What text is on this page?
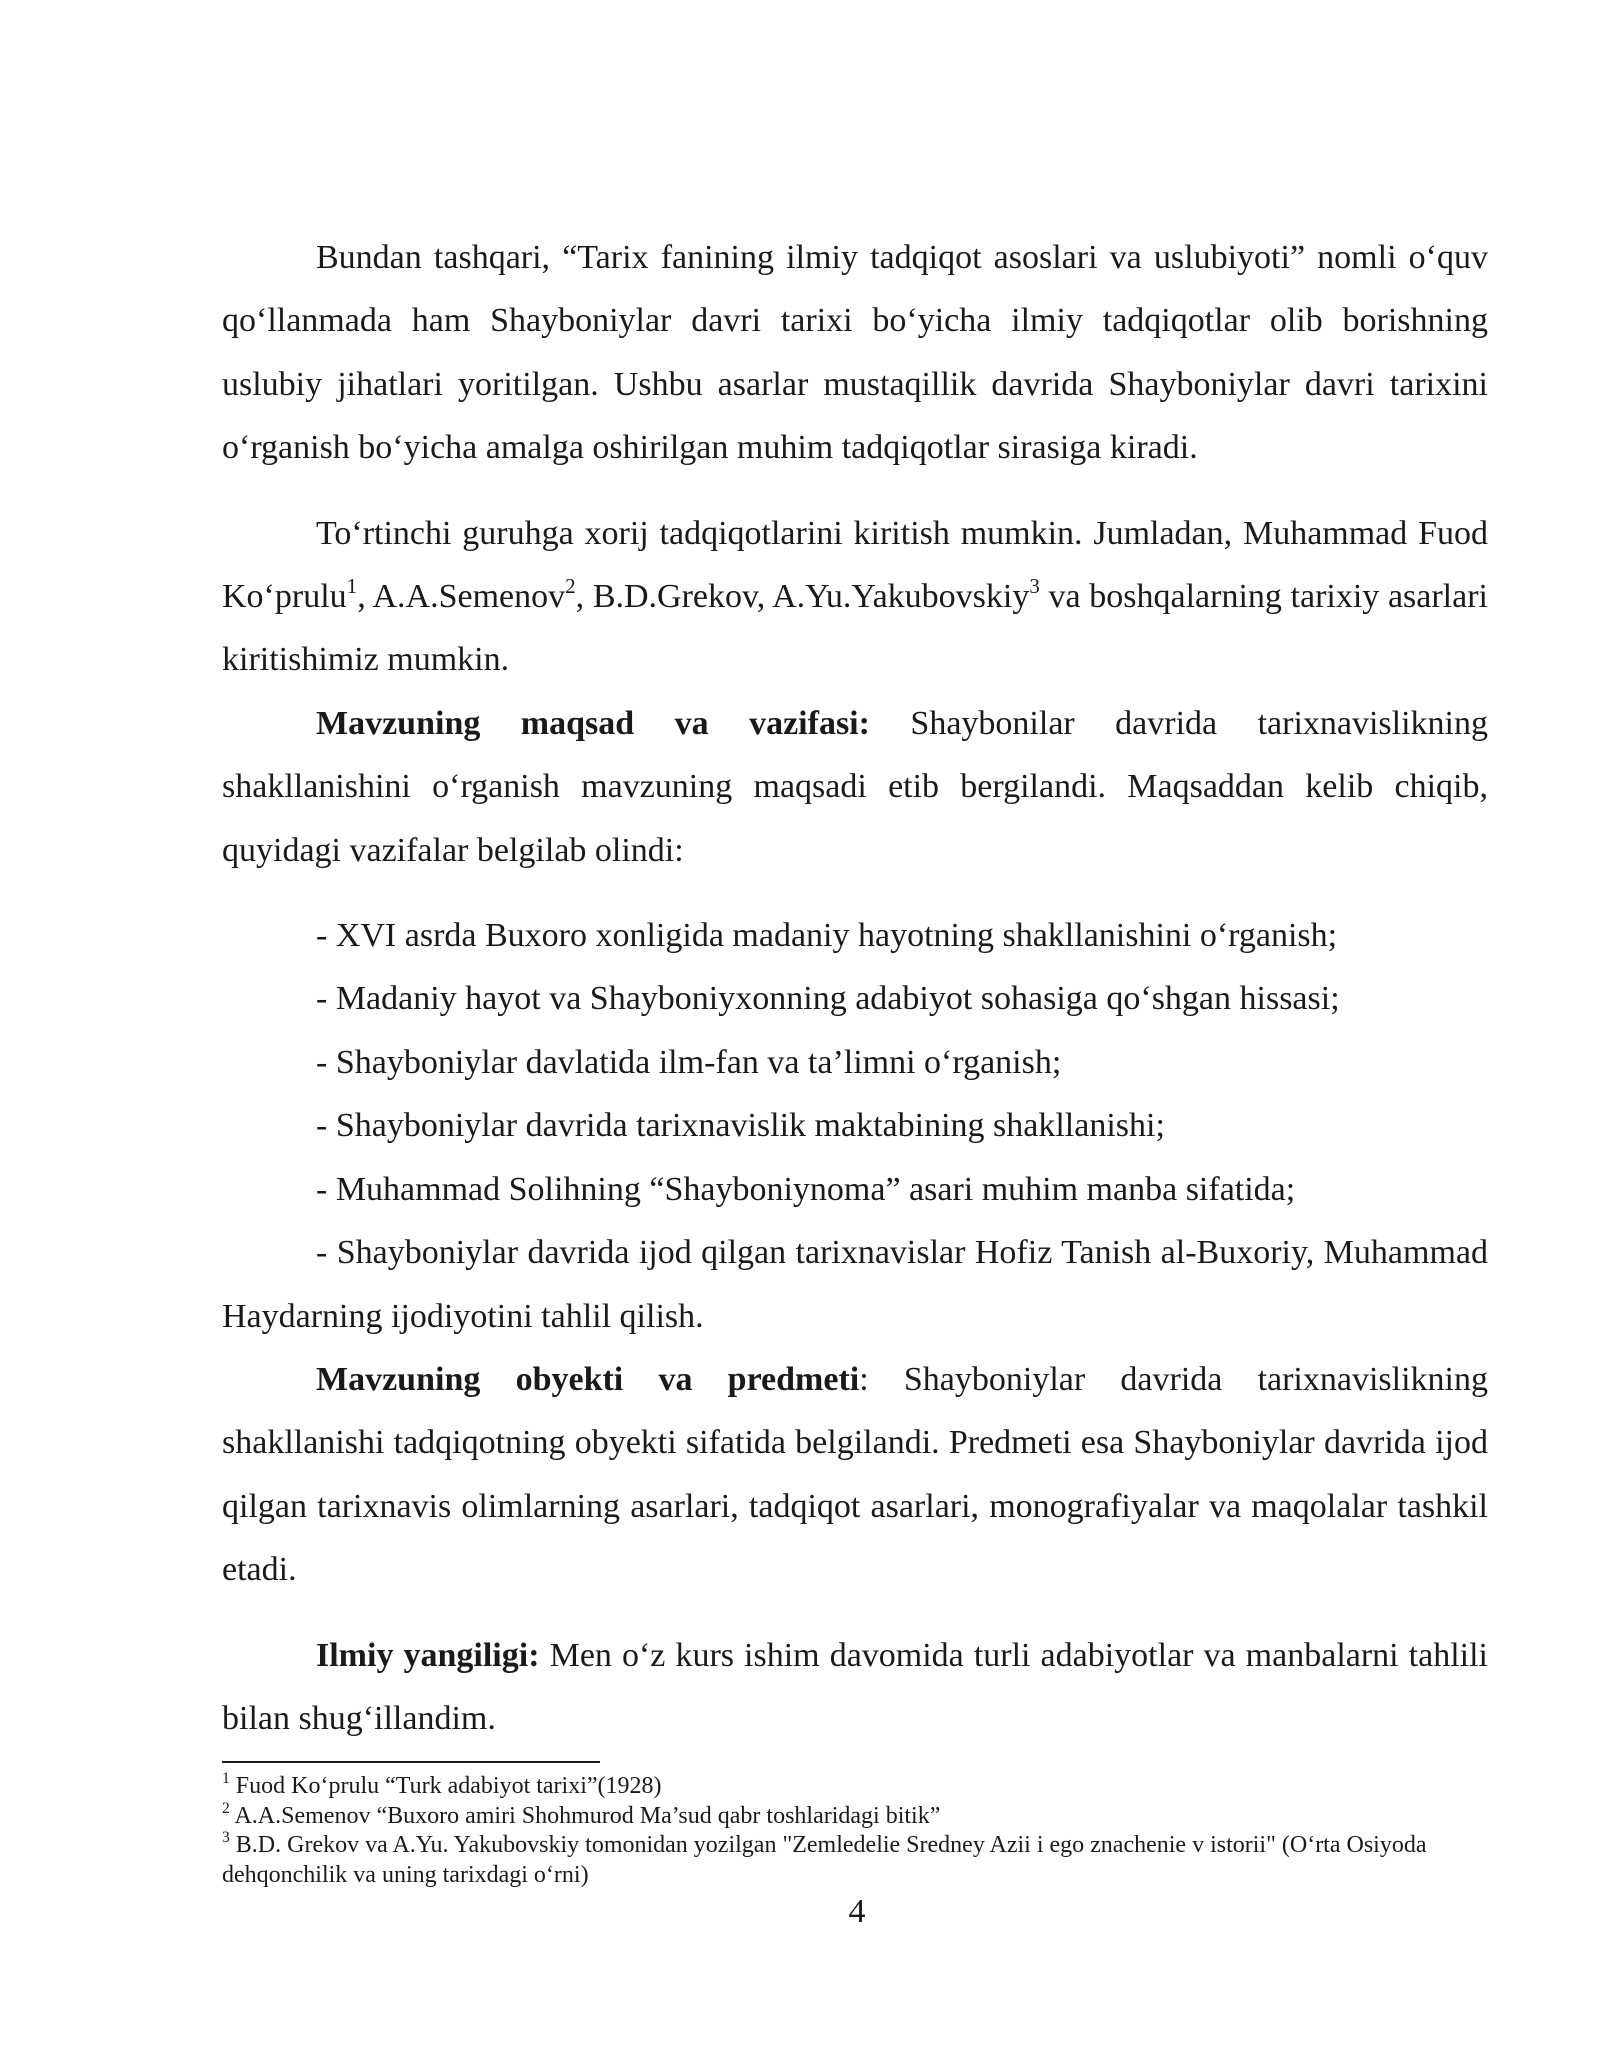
Bundan tashqari, “Tarix fanining ilmiy tadqiqot asoslari va uslubiyoti” nomli o‘quv qo‘llanmada ham Shayboniylar davri tarixi bo‘yicha ilmiy tadqiqotlar olib borishning uslubiy jihatlari yoritilgan. Ushbu asarlar mustaqillik davrida Shayboniylar davri tarixini o‘rganish bo‘yicha amalga oshirilgan muhim tadqiqotlar sirasiga kiradi.

To‘rtinchi guruhga xorij tadqiqotlarini kiritish mumkin. Jumladan, Muhammad Fuod Ko‘prulu$^1$, A.A.Semenov$^2$, B.D.Grekov, A.Yu.Yakubovskiy$^3$ va boshqalarning tarixiy asarlari kiritishimiz mumkin.

Mavzuning maqsad va vazifasi: Shaybonilar davrida tarixnavislikning shakllanishini o‘rganish mavzuning maqsadi etib bergilandi. Maqsaddan kelib chiqib, quyidagi vazifalar belgilab olindi:

- XVI asrda Buxoro xonligida madaniy hayotning shakllanishini o‘rganish;
- Madaniy hayot va Shayboniyxonning adabiyot sohasiga qo‘shgan hissasi;
- Shayboniylar davlatida ilm-fan va ta’limni o‘rganish;
- Shayboniylar davrida tarixnavislik maktabining shakllanishi;
- Muhammad Solihning “Shayboniynoma” asari muhim manba sifatida;
- Shayboniylar davrida ijod qilgan tarixnavislar Hofiz Tanish al-Buxoriy, Muhammad Haydarning ijodiyotini tahlil qilish.

Mavzuning obyekti va predmeti: Shayboniylar davrida tarixnavislikning shakllanishi tadqiqotning obyekti sifatida belgilandi. Predmeti esa Shayboniylar davrida ijod qilgan tarixnavis olimlarning asarlari, tadqiqot asarlari, monografiyalar va maqolalar tashkil etadi.

Ilmiy yangiligi: Men o‘z kurs ishim davomida turli adabiyotlar va manbalarni tahlili bilan shug‘illandim.

$^1$ Fuod Ko‘prulu “Turk adabiyot tarixi”(1928)
$^2$ A.A.Semenov “Buxoro amiri Shohmurod Ma’sud qabr toshlaridagi bitik”
$^3$ B.D. Grekov va A.Yu. Yakubovskiy tomonidan yozilgan "Zemledelie Sredney Azii i ego znachenie v istorii" (O‘rta Osiyoda dehqonchilik va uning tarixdagi o‘rni)
4
